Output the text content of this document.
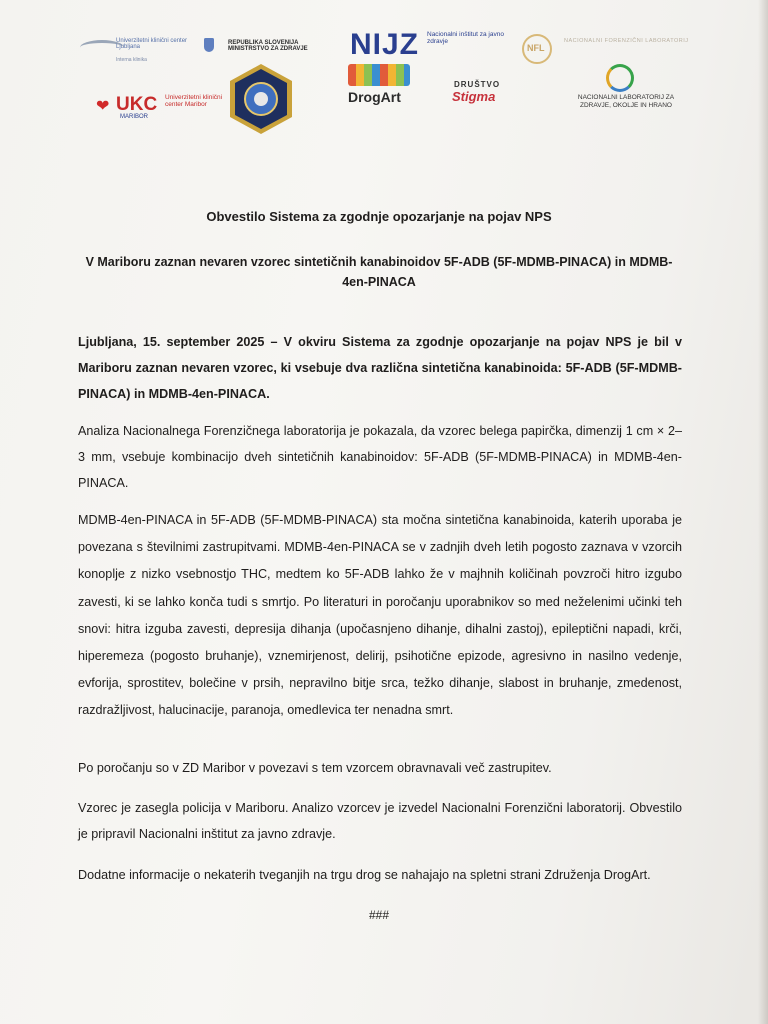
Univerzitetni klinični center Ljubljana
Interna klinika
REPUBLIKA SLOVENIJA MINISTRSTVO ZA ZDRAVJE	NIJZ Nacionalni inštitut za javno zdravje
NFL
NACIONALNI FORENZIČNI LABORATORIJ
❤ UKC Univerzitetni klinični center Maribor
MARIBOR
DrogArt
DRUŠTVO
Stigma	NACIONALNI LABORATORIJ ZA ZDRAVJE, OKOLJE IN HRANO
Obvestilo Sistema za zgodnje opozarjanje na pojav NPS
V Mariboru zaznan nevaren vzorec sintetičnih kanabinoidov 5F-ADB (5F-MDMB-PINACA) in MDMB-4en-PINACA

Ljubljana, 15. september 2025 – V okviru Sistema za zgodnje opozarjanje na pojav NPS je bil v Mariboru zaznan nevaren vzorec, ki vsebuje dva različna sintetična kanabinoida: 5F-ADB (5F-MDMB-PINACA) in MDMB-4en-PINACA.

Analiza Nacionalnega Forenzičnega laboratorija je pokazala, da vzorec belega papirčka, dimenzij 1 cm × 2–3 mm, vsebuje kombinacijo dveh sintetičnih kanabinoidov: 5F-ADB (5F-MDMB-PINACA) in MDMB-4en-PINACA.

MDMB-4en-PINACA in 5F-ADB (5F-MDMB-PINACA) sta močna sintetična kanabinoida, katerih uporaba je povezana s številnimi zastrupitvami. MDMB-4en-PINACA se v zadnjih dveh letih pogosto zaznava v vzorcih konoplje z nizko vsebnostjo THC, medtem ko 5F-ADB lahko že v majhnih količinah povzroči hitro izgubo zavesti, ki se lahko konča tudi s smrtjo. Po literaturi in poročanju uporabnikov so med neželenimi učinki teh snovi: hitra izguba zavesti, depresija dihanja (upočasnjeno dihanje, dihalni zastoj), epileptični napadi, krči, hiperemeza (pogosto bruhanje), vznemirjenost, delirij, psihotične epizode, agresivno in nasilno vedenje, evforija, sprostitev, bolečine v prsih, nepravilno bitje srca, težko dihanje, slabost in bruhanje, zmedenost, razdražljivost, halucinacije, paranoja, omedlevica ter nenadna smrt.

Po poročanju so v ZD Maribor v povezavi s tem vzorcem obravnavali več zastrupitev.

Vzorec je zasegla policija v Mariboru. Analizo vzorcev je izvedel Nacionalni Forenzični laboratorij. Obvestilo je pripravil Nacionalni inštitut za javno zdravje.

Dodatne informacije o nekaterih tveganjih na trgu drog se nahajajo na spletni strani Združenja DrogArt.

###
